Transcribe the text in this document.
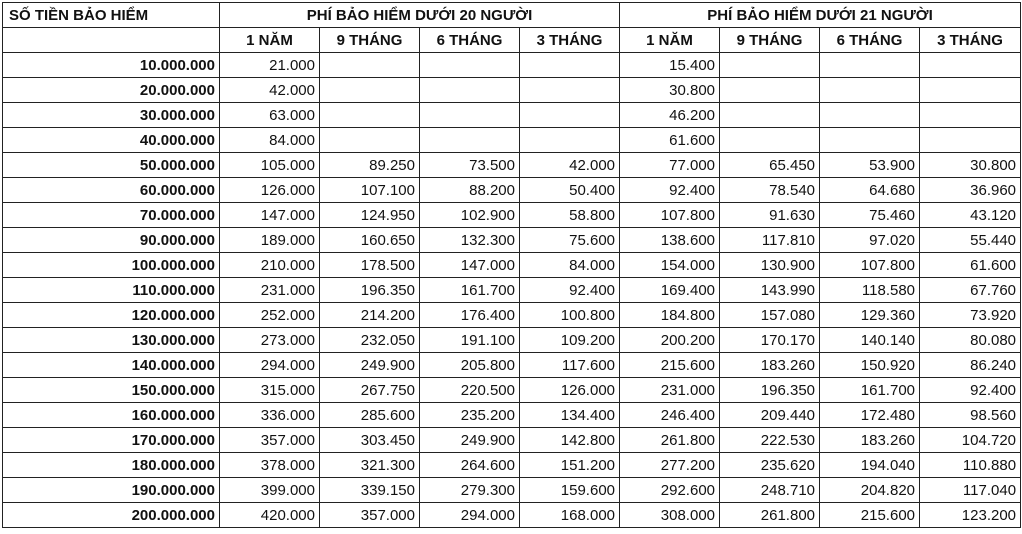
SỐ TIỀN BẢO HIỂM	PHÍ BẢO HIỂM DƯỚI 20 NGƯỜI				PHÍ BẢO HIỂM DƯỚI 21 NGƯỜI			
	1 NĂM	9 THÁNG	6 THÁNG	3 THÁNG	1 NĂM	9 THÁNG	6 THÁNG	3 THÁNG
10.000.000	21.000				15.400			
20.000.000	42.000				30.800			
30.000.000	63.000				46.200			
40.000.000	84.000				61.600			
50.000.000	105.000	89.250	73.500	42.000	77.000	65.450	53.900	30.800
60.000.000	126.000	107.100	88.200	50.400	92.400	78.540	64.680	36.960
70.000.000	147.000	124.950	102.900	58.800	107.800	91.630	75.460	43.120
90.000.000	189.000	160.650	132.300	75.600	138.600	117.810	97.020	55.440
100.000.000	210.000	178.500	147.000	84.000	154.000	130.900	107.800	61.600
110.000.000	231.000	196.350	161.700	92.400	169.400	143.990	118.580	67.760
120.000.000	252.000	214.200	176.400	100.800	184.800	157.080	129.360	73.920
130.000.000	273.000	232.050	191.100	109.200	200.200	170.170	140.140	80.080
140.000.000	294.000	249.900	205.800	117.600	215.600	183.260	150.920	86.240
150.000.000	315.000	267.750	220.500	126.000	231.000	196.350	161.700	92.400
160.000.000	336.000	285.600	235.200	134.400	246.400	209.440	172.480	98.560
170.000.000	357.000	303.450	249.900	142.800	261.800	222.530	183.260	104.720
180.000.000	378.000	321.300	264.600	151.200	277.200	235.620	194.040	110.880
190.000.000	399.000	339.150	279.300	159.600	292.600	248.710	204.820	117.040
200.000.000	420.000	357.000	294.000	168.000	308.000	261.800	215.600	123.200
